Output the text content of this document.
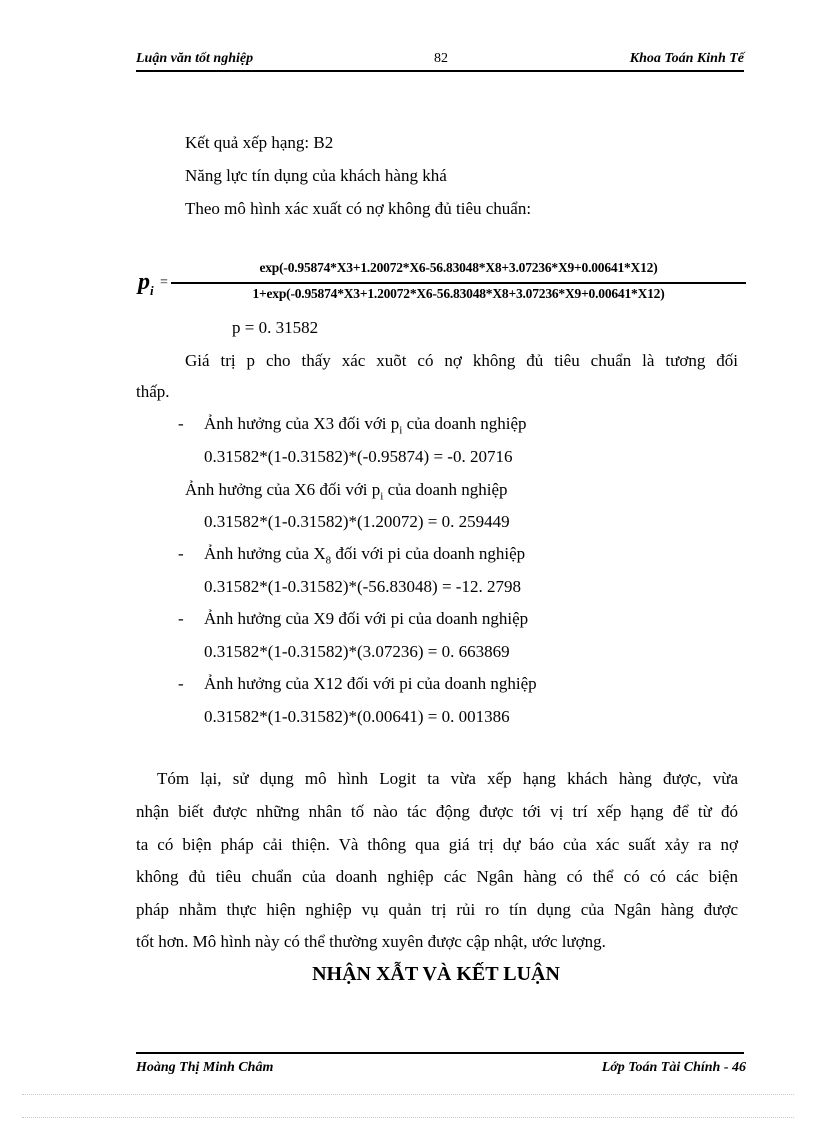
Luận văn tốt nghiệp	82	Khoa Toán Kinh Tế
Kết quả xếp hạng: B2
Năng lực tín dụng của khách hàng khá
Theo mô hình xác xuất có nợ không đủ tiêu chuẩn:
$p_i$
=
exp(-0.95874*X3+1.20072*X6-56.83048*X8+3.07236*X9+0.00641*X12)
1+exp(-0.95874*X3+1.20072*X6-56.83048*X8+3.07236*X9+0.00641*X12)
p = 0. 31582
Giá trị p cho thấy xác xuõt có nợ không đủ tiêu chuẩn là tương đối
thấp.
- Ảnh hưởng của X3 đối với $p_i$ của doanh nghiệp
0.31582*(1-0.31582)*(-0.95874) = -0. 20716
Ảnh hưởng của X6 đối với $p_i$ của doanh nghiệp
0.31582*(1-0.31582)*(1.20072) = 0. 259449
- Ảnh hưởng của $X_8$ đối với pi của doanh nghiệp
0.31582*(1-0.31582)*(-56.83048) = -12. 2798
- Ảnh hưởng của X9 đối với pi của doanh nghiệp
0.31582*(1-0.31582)*(3.07236) = 0. 663869
- Ảnh hưởng của X12 đối với pi của doanh nghiệp
0.31582*(1-0.31582)*(0.00641) = 0. 001386
Tóm lại, sử dụng mô hình Logit ta vừa xếp hạng khách hàng được, vừa
nhận biết được những nhân tố nào tác động được tới vị trí xếp hạng để từ đó
ta có biện pháp cải thiện. Và thông qua giá trị dự báo của xác suất xảy ra nợ
không đủ tiêu chuẩn của doanh nghiệp các Ngân hàng có thể có có các biện
pháp nhằm thực hiện nghiệp vụ quản trị rủi ro tín dụng của Ngân hàng được
tốt hơn. Mô hình này có thể thường xuyên được cập nhật, ước lượng.
NHẬN XẪT VÀ KẾT LUẬN
Hoàng Thị Minh Châm	Lớp Toán Tài Chính - 46
